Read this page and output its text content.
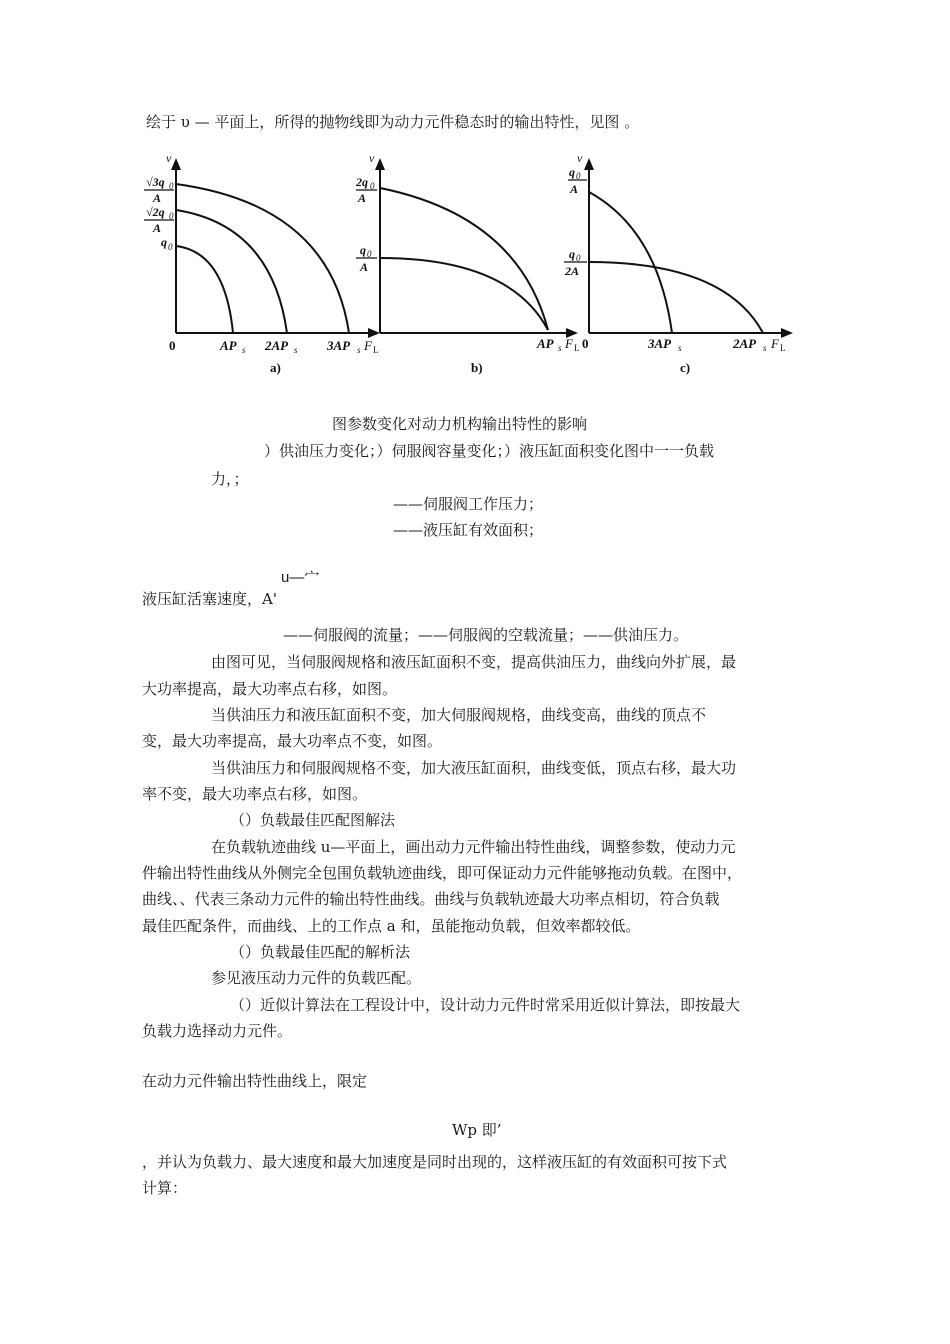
绘于 υ — 平面上，所得的抛物线即为动力元件稳态时的输出特性，见图 。
v
√3q 0
A
√2q 0
A
q 0
0	AP s 2AP s 3AP s F L
a)
v
2q 0
A
q 0
A
AP s F L
b)
v
q 0
A
q 0
2A
0	3AP s	2AP s F L
c)
图参数变化对动力机构输出特性的影响
）供油压力变化；）伺服阀容量变化；）液压缸面积变化图中一一负载
力，；
——伺服阀工作压力；
——液压缸有效面积；
u—宀
液压缸活塞速度，A'
——伺服阀的流量；——伺服阀的空载流量；——供油压力。
由图可见，当伺服阀规格和液压缸面积不变，提高供油压力，曲线向外扩展，最
大功率提高，最大功率点右移，如图。
当供油压力和液压缸面积不变，加大伺服阀规格，曲线变高，曲线的顶点不
变，最大功率提高，最大功率点不变，如图。
当供油压力和伺服阀规格不变，加大液压缸面积，曲线变低，顶点右移，最大功
率不变，最大功率点右移，如图。
（）负载最佳匹配图解法
在负载轨迹曲线 u—平面上，画出动力元件输出特性曲线，调整参数，使动力元
件输出特性曲线从外侧完全包围负载轨迹曲线，即可保证动力元件能够拖动负载。在图中，
曲线、、代表三条动力元件的输出特性曲线。曲线与负载轨迹最大功率点相切，符合负载
最佳匹配条件，而曲线、上的工作点 a 和，虽能拖动负载，但效率都较低。
（）负载最佳匹配的解析法
参见液压动力元件的负载匹配。
（）近似计算法在工程设计中，设计动力元件时常采用近似计算法，即按最大
负载力选择动力元件。
在动力元件输出特性曲线上，限定
Wp 即’
，并认为负载力、最大速度和最大加速度是同时出现的，这样液压缸的有效面积可按下式
计算：
